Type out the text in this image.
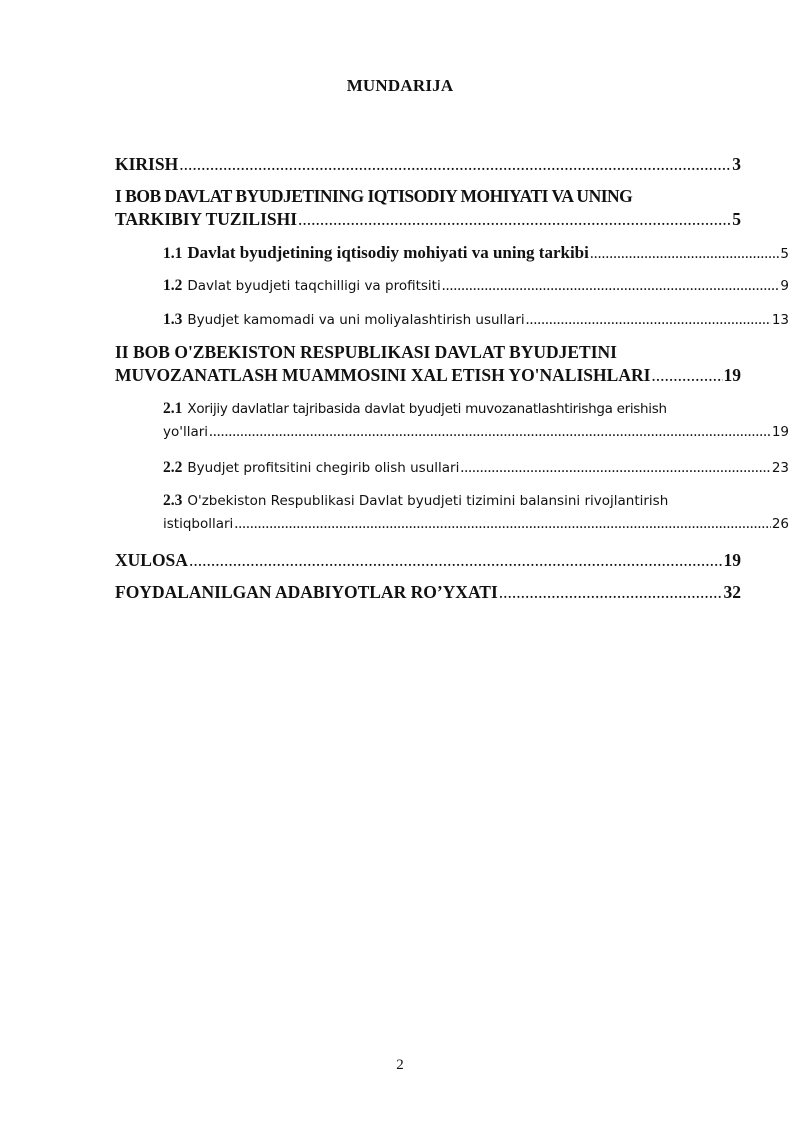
MUNDARIJA
KIRISH .....	3
I BOB DAVLAT BYUDJETINING IQTISODIY MOHIYATI VA UNING
TARKIBIY TUZILISHI .....	5
1.1 Davlat byudjetining iqtisodiy mohiyati va uning tarkibi .....	5
1.2 Davlat byudjeti taqchilligi va profitsiti .....	9
1.3 Byudjet kamomadi va uni moliyalashtirish usullari .....	13
II BOB O'ZBEKISTON RESPUBLIKASI DAVLAT BYUDJETINI
MUVOZANATLASH MUAMMOSINI XAL ETISH YO'NALISHLARI .....	19
2.1 Xorijiy davlatlar tajribasida davlat byudjeti muvozanatlashtirishga erishish
yo'llari .....	19
2.2 Byudjet profitsitini chegirib olish usullari .....	23
2.3 O'zbekiston Respublikasi Davlat byudjeti tizimini balansini rivojlantirish
istiqbollari .....	26
XULOSA .....	19
FOYDALANILGAN ADABIYOTLAR RO’YXATI .....	32
2
